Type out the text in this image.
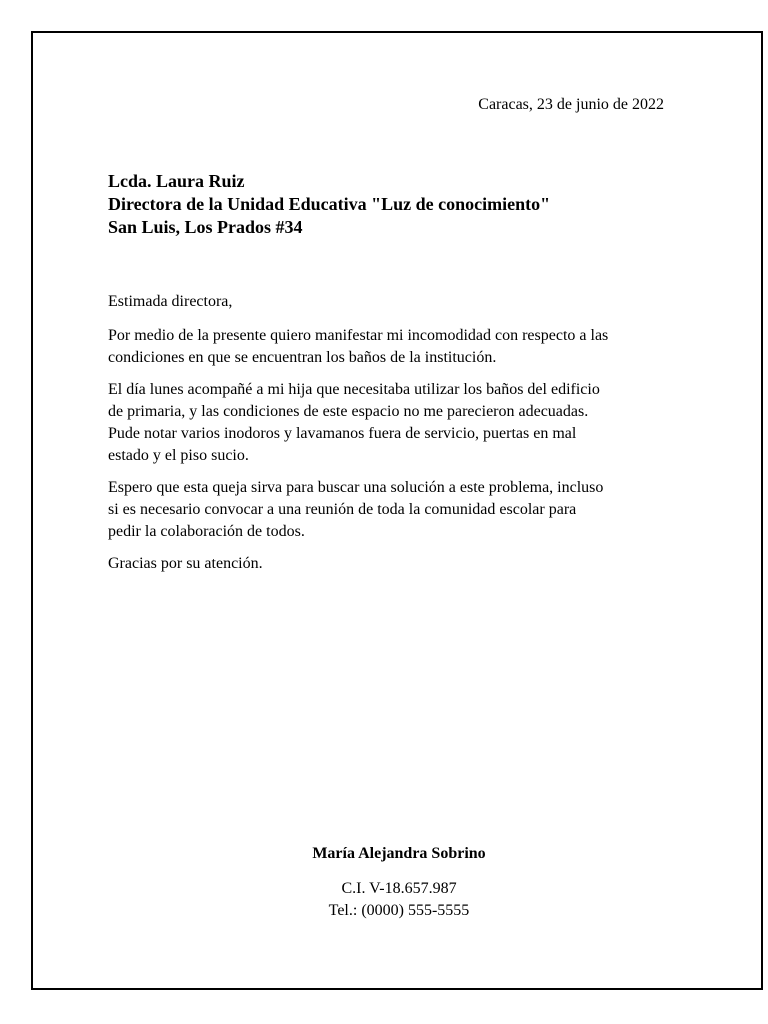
Caracas, 23 de junio de 2022
Lcda. Laura Ruiz
Directora de la Unidad Educativa "Luz de conocimiento"
San Luis, Los Prados #34

Estimada directora,

Por medio de la presente quiero manifestar mi incomodidad con respecto a las
condiciones en que se encuentran los baños de la institución.

El día lunes acompañé a mi hija que necesitaba utilizar los baños del edificio
de primaria, y las condiciones de este espacio no me parecieron adecuadas.
Pude notar varios inodoros y lavamanos fuera de servicio, puertas en mal
estado y el piso sucio.

Espero que esta queja sirva para buscar una solución a este problema, incluso
si es necesario convocar a una reunión de toda la comunidad escolar para
pedir la colaboración de todos.

Gracias por su atención.

María Alejandra Sobrino
C.I. V-18.657.987
Tel.: (0000) 555-5555
